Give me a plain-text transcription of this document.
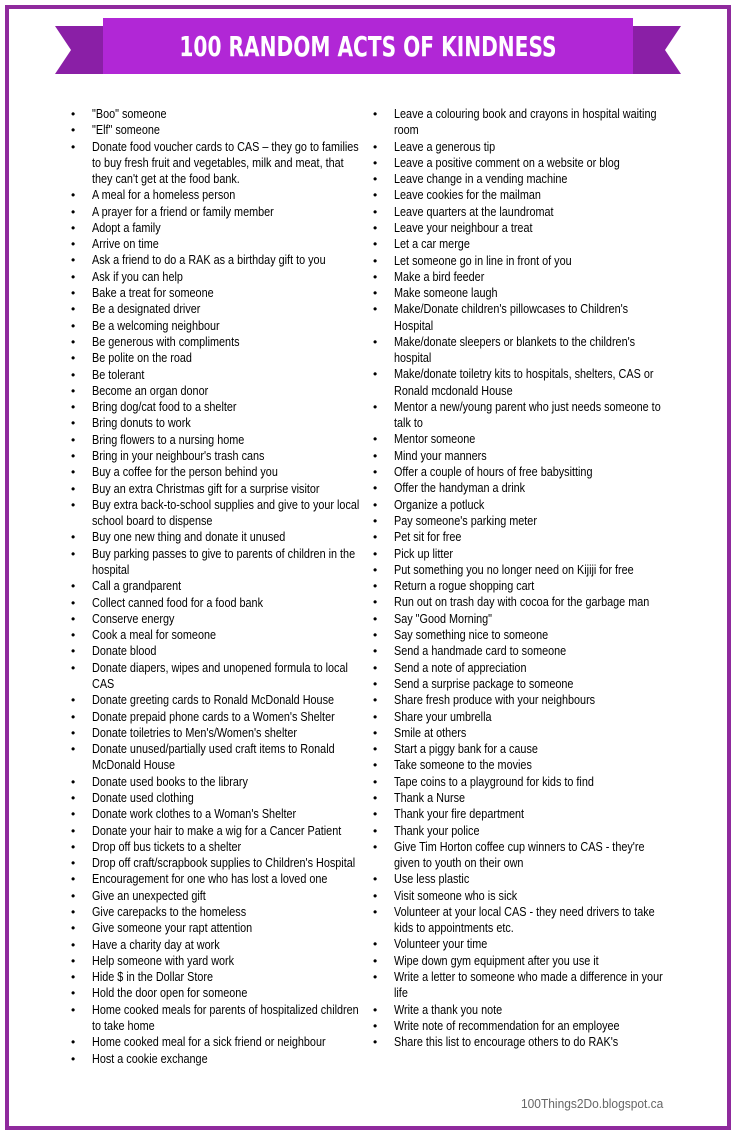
100 RANDOM ACTS OF KINDNESS
• "Boo" someone
• "Elf" someone
• Donate food voucher cards to CAS – they go to families to buy fresh fruit and vegetables, milk and meat, that they can't get at the food bank.
• A meal for a homeless person
• A prayer for a friend or family member
• Adopt a family
• Arrive on time
• Ask a friend to do a RAK as a birthday gift to you
• Ask if you can help
• Bake a treat for someone
• Be a designated driver
• Be a welcoming neighbour
• Be generous with compliments
• Be polite on the road
• Be tolerant
• Become an organ donor
• Bring dog/cat food to a shelter
• Bring donuts to work
• Bring flowers to a nursing home
• Bring in your neighbour's trash cans
• Buy a coffee for the person behind you
• Buy an extra Christmas gift for a surprise visitor
• Buy extra back-to-school supplies and give to your local school board to dispense
• Buy one new thing and donate it unused
• Buy parking passes to give to parents of children in the hospital
• Call a grandparent
• Collect canned food for a food bank
• Conserve energy
• Cook a meal for someone
• Donate blood
• Donate diapers, wipes and unopened formula to local CAS
• Donate greeting cards to Ronald McDonald House
• Donate prepaid phone cards to a Women's Shelter
• Donate toiletries to Men's/Women's shelter
• Donate unused/partially used craft items to Ronald McDonald House
• Donate used books to the library
• Donate used clothing
• Donate work clothes to a Woman's Shelter
• Donate your hair to make a wig for a Cancer Patient
• Drop off bus tickets to a shelter
• Drop off craft/scrapbook supplies to Children's Hospital
• Encouragement for one who has lost a loved one
• Give an unexpected gift
• Give carepacks to the homeless
• Give someone your rapt attention
• Have a charity day at work
• Help someone with yard work
• Hide $ in the Dollar Store
• Hold the door open for someone
• Home cooked meals for parents of hospitalized children to take home
• Home cooked meal for a sick friend or neighbour
• Host a cookie exchange
• Leave a colouring book and crayons in hospital waiting room
• Leave a generous tip
• Leave a positive comment on a website or blog
• Leave change in a vending machine
• Leave cookies for the mailman
• Leave quarters at the laundromat
• Leave your neighbour a treat
• Let a car merge
• Let someone go in line in front of you
• Make a bird feeder
• Make someone laugh
• Make/Donate children's pillowcases to Children's Hospital
• Make/donate sleepers or blankets to the children's hospital
• Make/donate toiletry kits to hospitals, shelters, CAS or Ronald mcdonald House
• Mentor a new/young parent who just needs someone to talk to
• Mentor someone
• Mind your manners
• Offer a couple of hours of free babysitting
• Offer the handyman a drink
• Organize a potluck
• Pay someone's parking meter
• Pet sit for free
• Pick up litter
• Put something you no longer need on Kijiji for free
• Return a rogue shopping cart
• Run out on trash day with cocoa for the garbage man
• Say "Good Morning"
• Say something nice to someone
• Send a handmade card to someone
• Send a note of appreciation
• Send a surprise package to someone
• Share fresh produce with your neighbours
• Share your umbrella
• Smile at others
• Start a piggy bank for a cause
• Take someone to the movies
• Tape coins to a playground for kids to find
• Thank a Nurse
• Thank your fire department
• Thank your police
• Give Tim Horton coffee cup winners to CAS - they're given to youth on their own
• Use less plastic
• Visit someone who is sick
• Volunteer at your local CAS - they need drivers to take kids to appointments etc.
• Volunteer your time
• Wipe down gym equipment after you use it
• Write a letter to someone who made a difference in your life
• Write a thank you note
• Write note of recommendation for an employee
• Share this list to encourage others to do RAK's
100Things2Do.blogspot.ca
